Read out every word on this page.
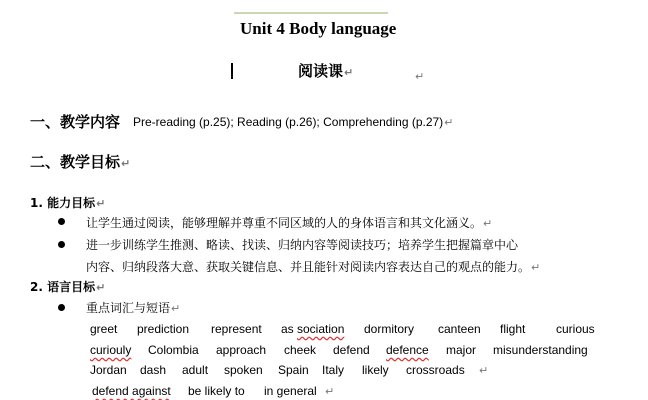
Unit 4 Body language
阅读课↵	↵
一、教学内容 Pre-reading (p.25); Reading (p.26); Comprehending (p.27)↵
二、教学目标↵
1. 能力目标↵
让学生通过阅读，能够理解并尊重不同区域的人的身体语言和其文化涵义。↵
进一步训练学生推测、略读、找读、归纳内容等阅读技巧；培养学生把握篇章中心
内容、归纳段落大意、获取关键信息、并且能针对阅读内容表达自己的观点的能力。↵
2. 语言目标↵
重点词汇与短语↵
greet prediction represent as sociation dormitory canteen flight	curious
curiouly Colombia approach cheek defend defence major misunderstanding
Jordan dash adult spoken Spain Italy likely crossroads ↵
defend against be likely to in general ↵
